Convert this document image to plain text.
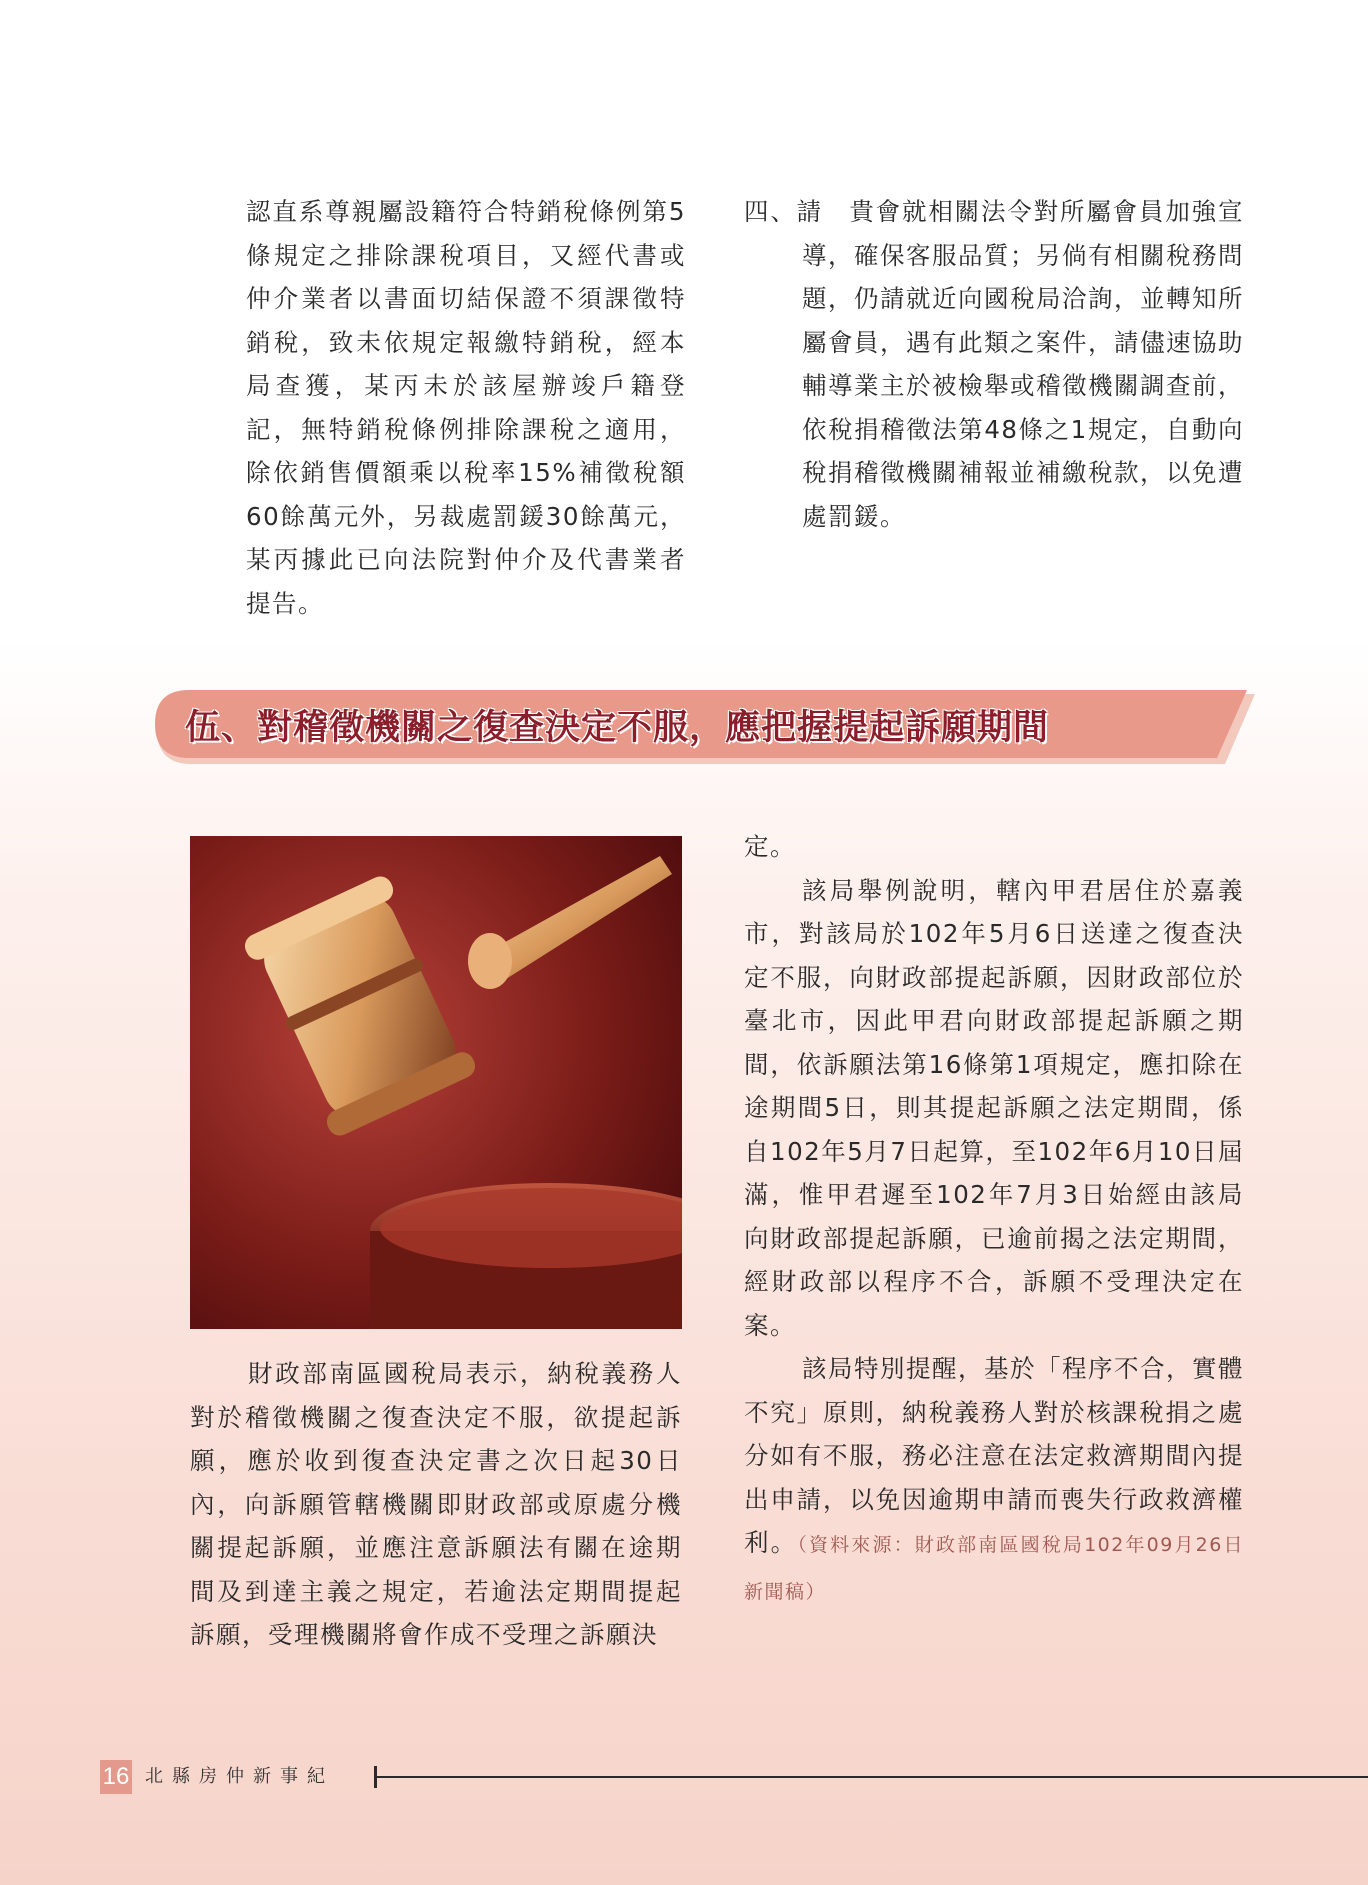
認直系尊親屬設籍符合特銷稅條例第5條規定之排除課稅項目，又經代書或仲介業者以書面切結保證不須課徵特銷稅，致未依規定報繳特銷稅，經本局查獲，某丙未於該屋辦竣戶籍登記，無特銷稅條例排除課稅之適用，除依銷售價額乘以稅率15%補徵稅額60餘萬元外，另裁處罰鍰30餘萬元，某丙據此已向法院對仲介及代書業者提告。

四、請　貴會就相關法令對所屬會員加強宣導，確保客服品質；另倘有相關稅務問題，仍請就近向國稅局洽詢，並轉知所屬會員，遇有此類之案件，請儘速協助輔導業主於被檢舉或稽徵機關調查前，依稅捐稽徵法第48條之1規定，自動向稅捐稽徵機關補報並補繳稅款，以免遭處罰鍰。

伍、對稽徵機關之復查決定不服，應把握提起訴願期間

財政部南區國稅局表示，納稅義務人對於稽徵機關之復查決定不服，欲提起訴願，應於收到復查決定書之次日起30日內，向訴願管轄機關即財政部或原處分機關提起訴願，並應注意訴願法有關在途期間及到達主義之規定，若逾法定期間提起訴願，受理機關將會作成不受理之訴願決

定。

該局舉例說明，轄內甲君居住於嘉義市，對該局於102年5月6日送達之復查決定不服，向財政部提起訴願，因財政部位於臺北市，因此甲君向財政部提起訴願之期間，依訴願法第16條第1項規定，應扣除在途期間5日，則其提起訴願之法定期間，係自102年5月7日起算，至102年6月10日屆滿，惟甲君遲至102年7月3日始經由該局向財政部提起訴願，已逾前揭之法定期間，經財政部以程序不合，訴願不受理決定在案。

該局特別提醒，基於「程序不合，實體不究」原則，納稅義務人對於核課稅捐之處分如有不服，務必注意在法定救濟期間內提出申請，以免因逾期申請而喪失行政救濟權利。（資料來源：財政部南區國稅局102年09月26日新聞稿）

16 北縣房仲新事紀
